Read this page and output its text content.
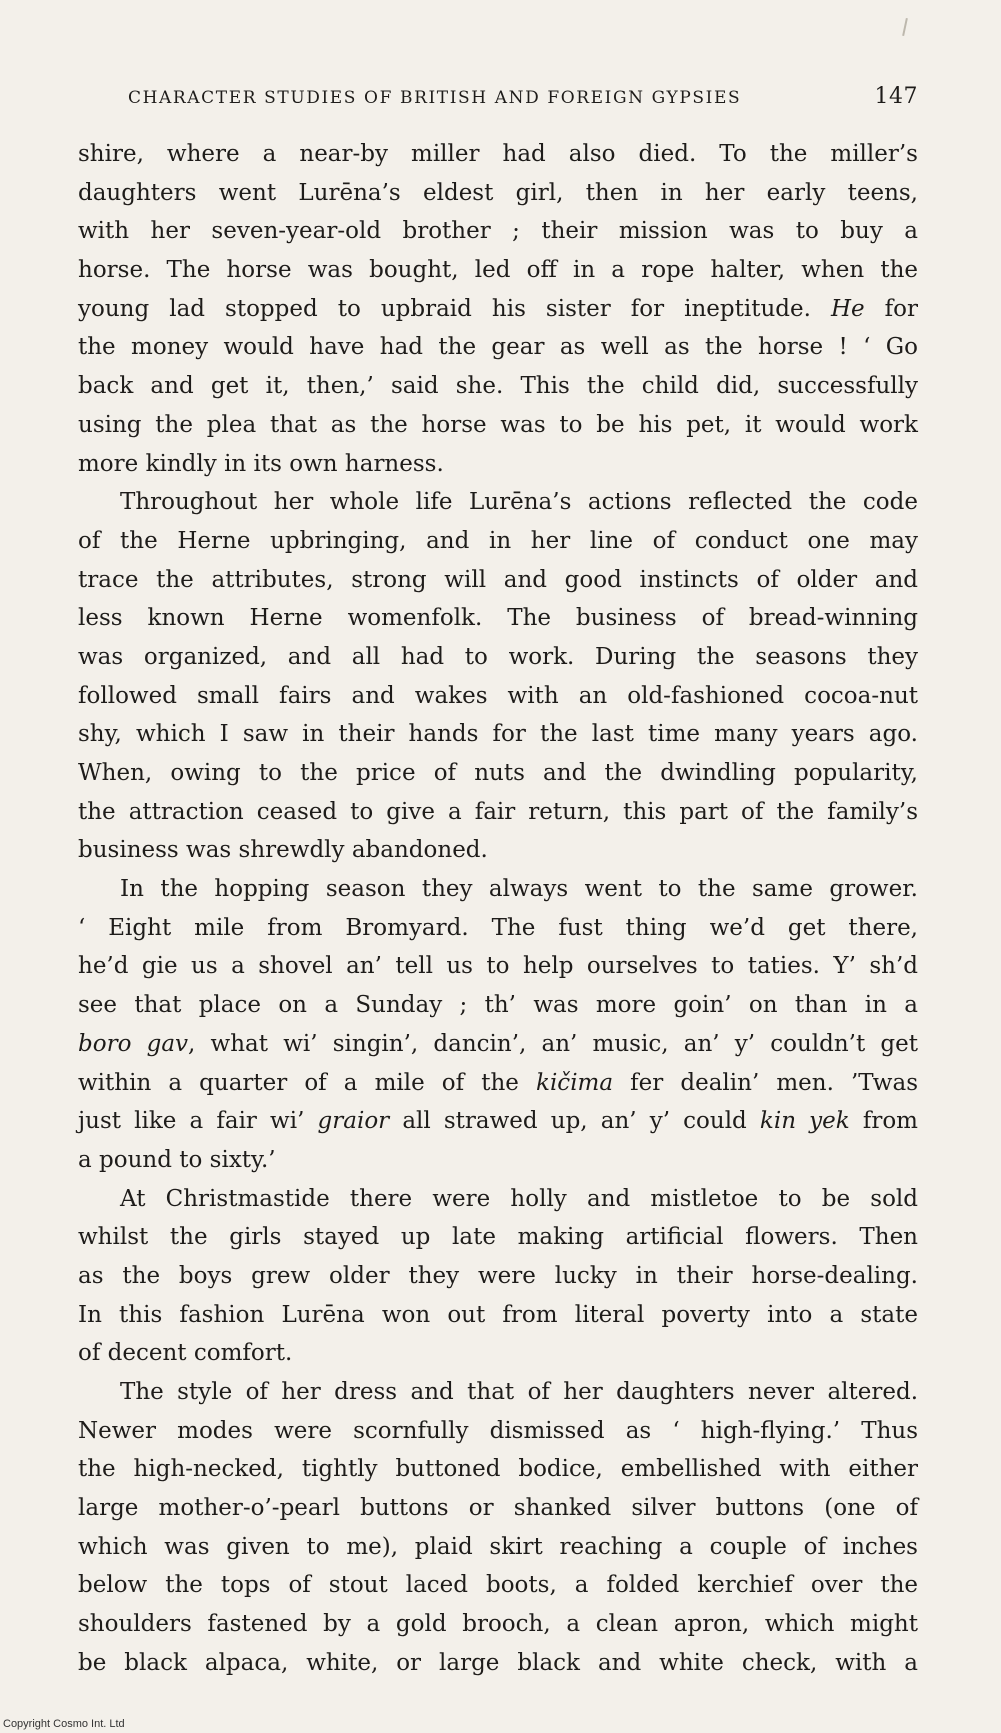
CHARACTER STUDIES OF BRITISH AND FOREIGN GYPSIES	147
shire, where a near-by miller had also died. To the miller’s
daughters went Lurēna’s eldest girl, then in her early teens,
with her seven-year-old brother ; their mission was to buy a
horse. The horse was bought, led off in a rope halter, when the
young lad stopped to upbraid his sister for ineptitude. He for
the money would have had the gear as well as the horse ! ‘ Go
back and get it, then,’ said she. This the child did, successfully
using the plea that as the horse was to be his pet, it would work
more kindly in its own harness.
Throughout her whole life Lurēna’s actions reflected the code
of the Herne upbringing, and in her line of conduct one may
trace the attributes, strong will and good instincts of older and
less known Herne womenfolk. The business of bread-winning
was organized, and all had to work. During the seasons they
followed small fairs and wakes with an old-fashioned cocoa-nut
shy, which I saw in their hands for the last time many years ago.
When, owing to the price of nuts and the dwindling popularity,
the attraction ceased to give a fair return, this part of the family’s
business was shrewdly abandoned.
In the hopping season they always went to the same grower.
‘ Eight mile from Bromyard. The fust thing we’d get there,
he’d gie us a shovel an’ tell us to help ourselves to taties. Y’ sh’d
see that place on a Sunday ; th’ was more goin’ on than in a
boro gav, what wi’ singin’, dancin’, an’ music, an’ y’ couldn’t get
within a quarter of a mile of the kičima fer dealin’ men. ’Twas
just like a fair wi’ graior all strawed up, an’ y’ could kin yek from
a pound to sixty.’
At Christmastide there were holly and mistletoe to be sold
whilst the girls stayed up late making artificial flowers. Then
as the boys grew older they were lucky in their horse-dealing.
In this fashion Lurēna won out from literal poverty into a state
of decent comfort.
The style of her dress and that of her daughters never altered.
Newer modes were scornfully dismissed as ‘ high-flying.’ Thus
the high-necked, tightly buttoned bodice, embellished with either
large mother-o’-pearl buttons or shanked silver buttons (one of
which was given to me), plaid skirt reaching a couple of inches
below the tops of stout laced boots, a folded kerchief over the
shoulders fastened by a gold brooch, a clean apron, which might
be black alpaca, white, or large black and white check, with a
Copyright Cosmo Int. Ltd
